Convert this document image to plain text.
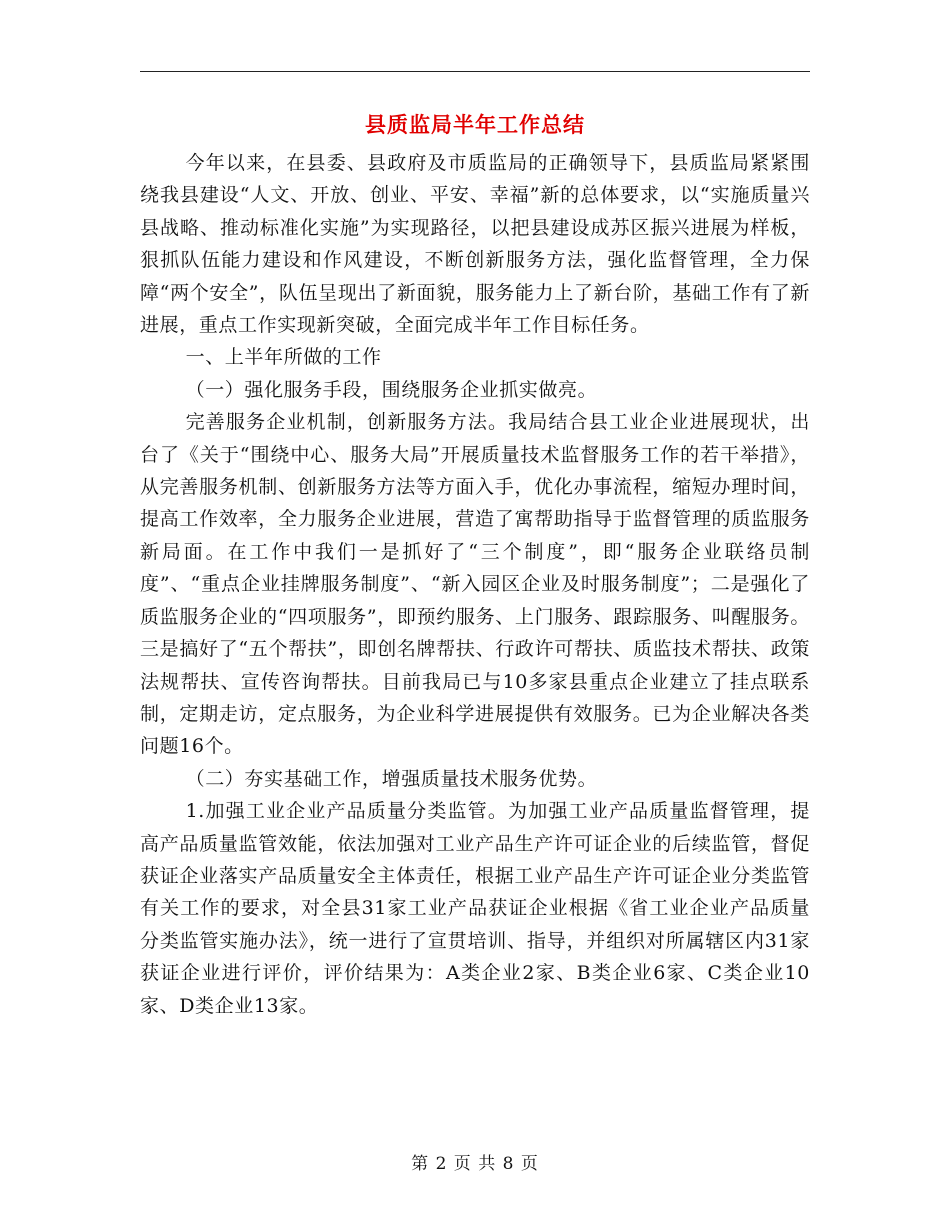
县质监局半年工作总结

今年以来，在县委、县政府及市质监局的正确领导下，县质监局紧紧围绕我县建设“人文、开放、创业、平安、幸福”新的总体要求，以“实施质量兴县战略、推动标准化实施”为实现路径，以把县建设成苏区振兴进展为样板，狠抓队伍能力建设和作风建设，不断创新服务方法，强化监督管理，全力保障“两个安全”，队伍呈现出了新面貌，服务能力上了新台阶，基础工作有了新进展，重点工作实现新突破，全面完成半年工作目标任务。

一、上半年所做的工作

（一）强化服务手段，围绕服务企业抓实做亮。

完善服务企业机制，创新服务方法。我局结合县工业企业进展现状，出台了《关于“围绕中心、服务大局”开展质量技术监督服务工作的若干举措》，从完善服务机制、创新服务方法等方面入手，优化办事流程，缩短办理时间，提高工作效率，全力服务企业进展，营造了寓帮助指导于监督管理的质监服务新局面。在工作中我们一是抓好了“三个制度”，即“服务企业联络员制度”、“重点企业挂牌服务制度”、“新入园区企业及时服务制度”；二是强化了质监服务企业的“四项服务”，即预约服务、上门服务、跟踪服务、叫醒服务。三是搞好了“五个帮扶”，即创名牌帮扶、行政许可帮扶、质监技术帮扶、政策法规帮扶、宣传咨询帮扶。目前我局已与10多家县重点企业建立了挂点联系制，定期走访，定点服务，为企业科学进展提供有效服务。已为企业解决各类问题16个。

（二）夯实基础工作，增强质量技术服务优势。

1.加强工业企业产品质量分类监管。为加强工业产品质量监督管理，提高产品质量监管效能，依法加强对工业产品生产许可证企业的后续监管，督促获证企业落实产品质量安全主体责任，根据工业产品生产许可证企业分类监管有关工作的要求，对全县31家工业产品获证企业根据《省工业企业产品质量分类监管实施办法》，统一进行了宣贯培训、指导，并组织对所属辖区内31家获证企业进行评价，评价结果为：A类企业2家、B类企业6家、C类企业10家、D类企业13家。

第 2 页 共 8 页
